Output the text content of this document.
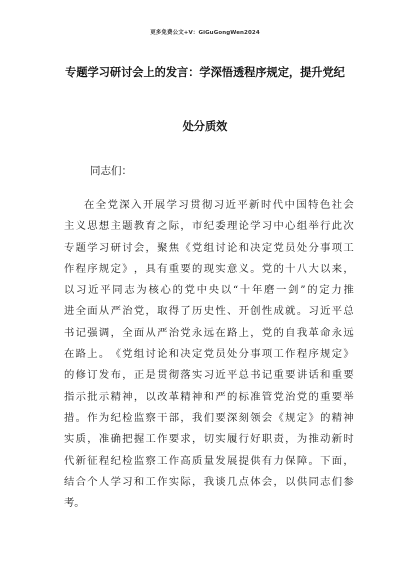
更多免费公文+V：GiGuGongWen2024
专题学习研讨会上的发言：学深悟透程序规定，提升党纪
处分质效
同志们：
在 全 党 深 入 开 展 学 习 贯 彻 习 近 平 新 时 代 中 国 特 色 社 会
主 义 思 想 主 题 教 育 之 际 ， 市 纪 委 理 论 学 习 中 心 组 举 行 此 次
专 题 学 习 研 讨 会 ， 聚 焦 《 党 组 讨 论 和 决 定 党 员 处 分 事 项 工
作 程 序 规 定 》 ， 具 有 重 要 的 现 实 意 义 。 党 的 十 八 大 以 来 ，
以 习 近 平 同 志 为 核 心 的 党 中 央 以 “ 十 年 磨 一 剑 ” 的 定 力 推
进 全 面 从 严 治 党 ， 取 得 了 历 史 性 、 开 创 性 成 就 。 习 近 平 总
书 记 强 调 ， 全 面 从 严 治 党 永 远 在 路 上 ， 党 的 自 我 革 命 永 远
在 路 上 。 《 党 组 讨 论 和 决 定 党 员 处 分 事 项 工 作 程 序 规 定 》
的 修 订 发 布 ， 正 是 贯 彻 落 实 习 近 平 总 书 记 重 要 讲 话 和 重 要
指 示 批 示 精 神 ， 以 改 革 精 神 和 严 的 标 准 管 党 治 党 的 重 要 举
措 。 作 为 纪 检 监 察 干 部 ， 我 们 要 深 刻 领 会 《 规 定 》 的 精 神
实 质 ， 准 确 把 握 工 作 要 求 ， 切 实 履 行 好 职 责 ， 为 推 动 新 时
代 新 征 程 纪 检 监 察 工 作 高 质 量 发 展 提 供 有 力 保 障 。 下 面 ，
结 合 个 人 学 习 和 工 作 实 际 ， 我 谈 几 点 体 会 ， 以 供 同 志 们 参
考。
